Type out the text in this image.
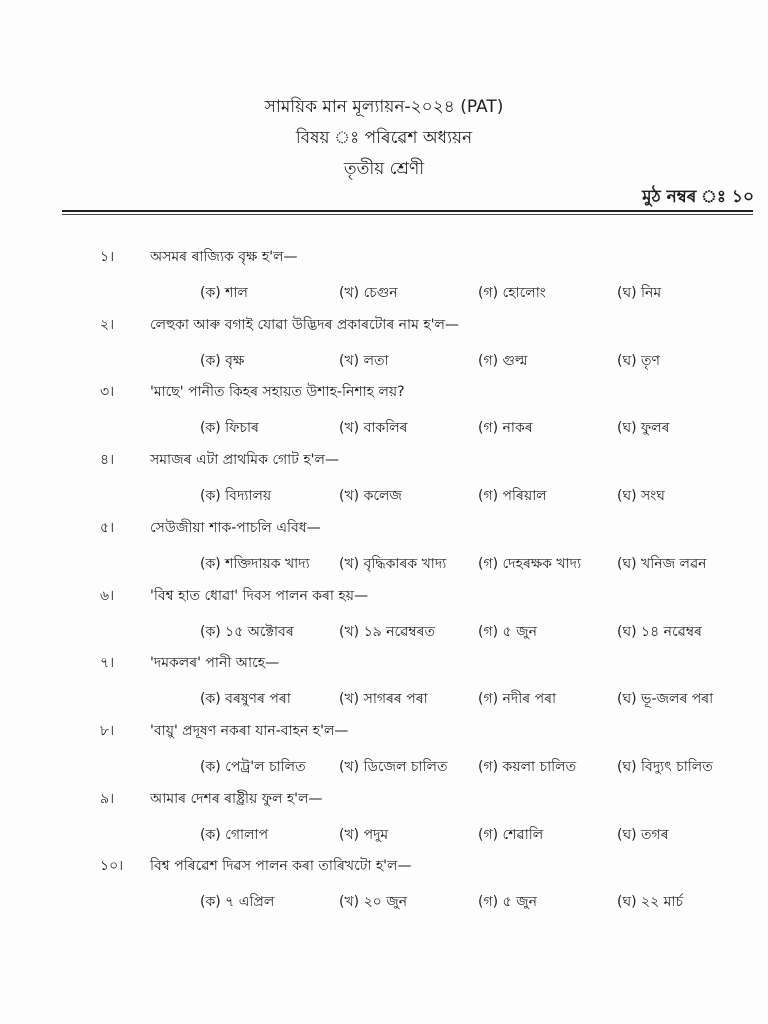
সাময়িক মান মূল্যায়ন-২০২৪ (PAT)
বিষয় ঃ পৰিৱেশ অধ্যয়ন
তৃতীয় শ্ৰেণী
মুঠ নম্বৰ ঃ ১০
১।	অসমৰ ৰাজ্যিক বৃক্ষ হ'ল—
(ক) শাল	(খ) চেগুন	(গ) হোলোং	(ঘ) নিম
২।	লেহুকা আৰু বগাই যোৱা উদ্ভিদৰ প্ৰকাৰটোৰ নাম হ'ল—
(ক) বৃক্ষ	(খ) লতা	(গ) গুল্ম	(ঘ) তৃণ
৩।	'মাছে' পানীত কিহৰ সহায়ত উশাহ-নিশাহ লয়?
(ক) ফিচাৰ	(খ) বাকলিৰ	(গ) নাকৰ	(ঘ) ফুলৰ
৪।	সমাজৰ এটা প্ৰাথমিক গোট হ'ল—
(ক) বিদ্যালয়	(খ) কলেজ	(গ) পৰিয়াল	(ঘ) সংঘ
৫।	সেউজীয়া শাক-পাচলি এবিধ—
(ক) শক্তিদায়ক খাদ্য (খ) বৃদ্ধিকাৰক খাদ্য (গ) দেহৰক্ষক খাদ্য	(ঘ) খনিজ লৱন
৬।	'বিশ্ব হাত ধোৱা' দিবস পালন কৰা হয়—
(ক) ১৫ অক্টোবৰ	(খ) ১৯ নৱেম্বৰত	(গ) ৫ জুন	(ঘ) ১৪ নৱেম্বৰ
৭।	'দমকলৰ' পানী আহে—
(ক) বৰষুণৰ পৰা	(খ) সাগৰৰ পৰা	(গ) নদীৰ পৰা	(ঘ) ভূ-জলৰ পৰা
৮।	'বায়ু' প্ৰদূষণ নকৰা যান-বাহন হ'ল—
(ক) পেট্ৰ'ল চালিত (খ) ডিজেল চালিত (গ) কয়লা চালিত	(ঘ) বিদ্যুৎ চালিত
৯।	আমাৰ দেশৰ ৰাষ্ট্ৰীয় ফুল হ'ল—
(ক) গোলাপ	(খ) পদুম	(গ) শেৱালি	(ঘ) তগৰ
১০। বিশ্ব পৰিৱেশ দিৱস পালন কৰা তাৰিখটো হ'ল—
(ক) ৭ এপ্ৰিল	(খ) ২০ জুন	(গ) ৫ জুন	(ঘ) ২২ মাৰ্চ
